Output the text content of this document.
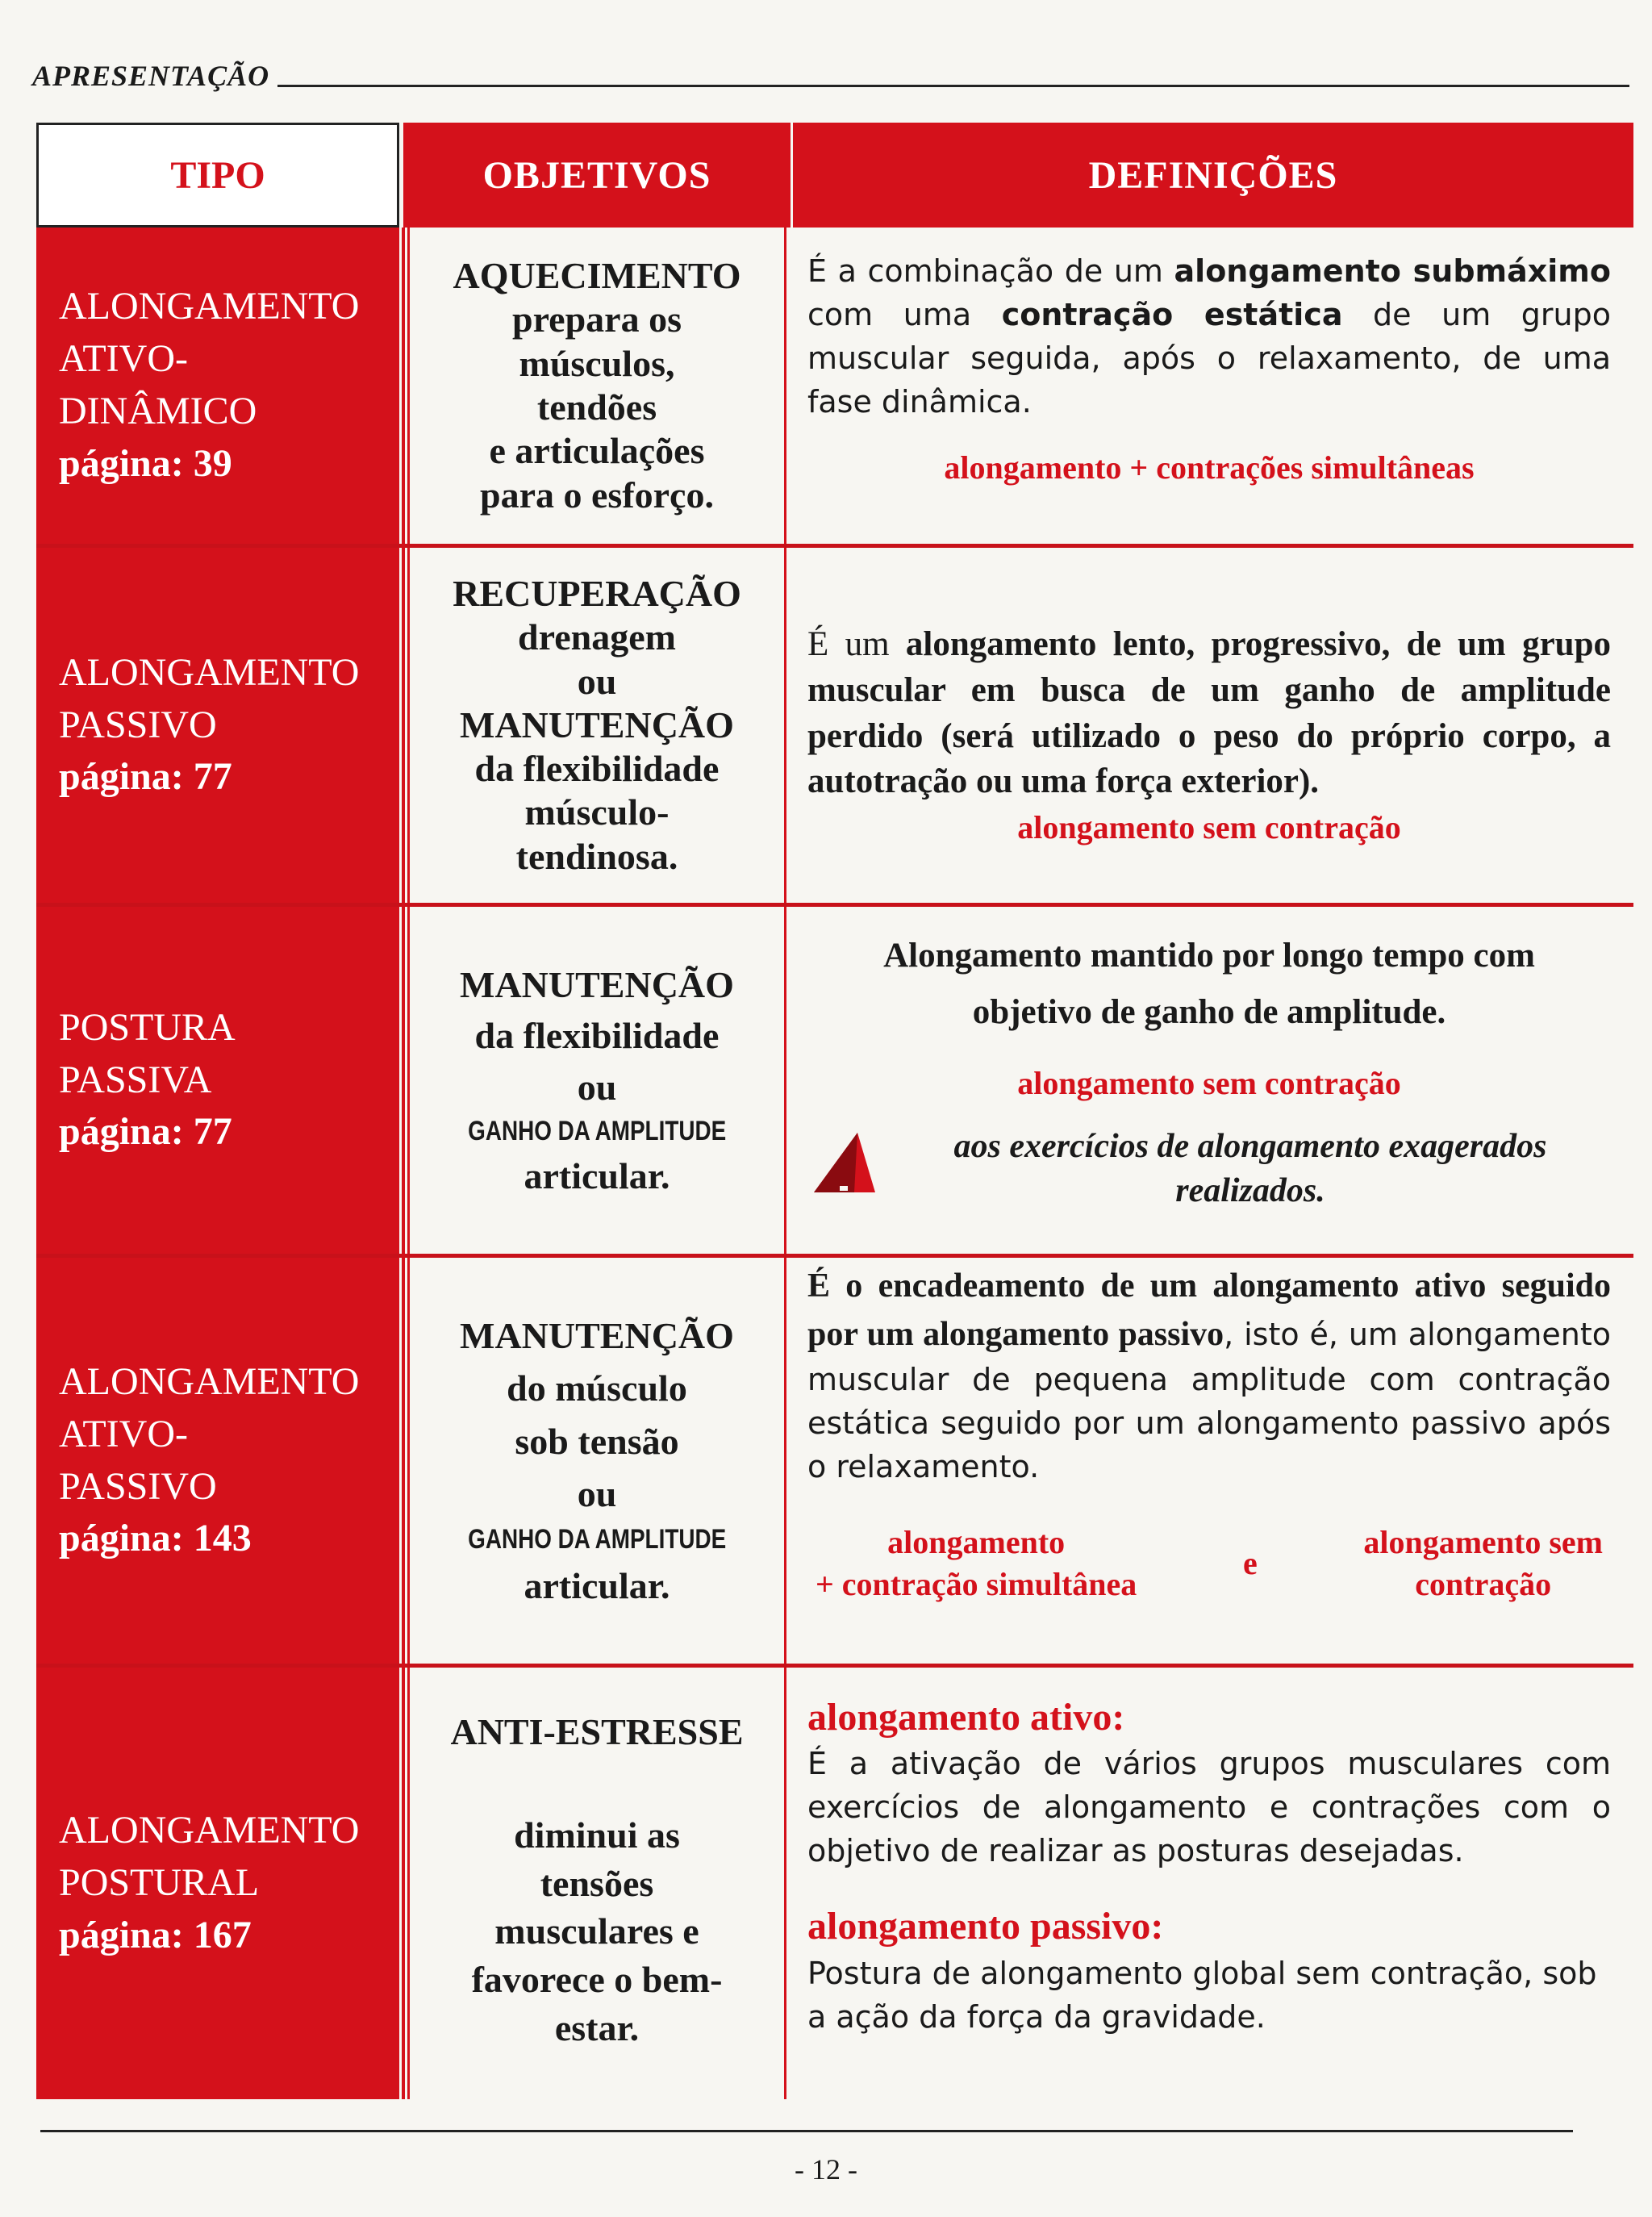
APRESENTAÇÃO
TIPO	OBJETIVOS	DEFINIÇÕES
ALONGAMENTO
ATIVO-
DINÂMICO
página: 39
AQUECIMENTO
prepara os
músculos,
tendões
e articulações
para o esforço.
É a combinação de um alongamento submáximo com uma contração estática de um grupo muscular seguida, após o relaxamento, de uma fase dinâmica.
alongamento + contrações simultâneas
ALONGAMENTO
PASSIVO
página: 77
RECUPERAÇÃO
drenagem
ou
MANUTENÇÃO
da flexibilidade
músculo-
tendinosa.
É um alongamento lento, progressivo, de um grupo muscular em busca de um ganho de amplitude perdido (será utilizado o peso do próprio corpo, a autotração ou uma força exterior).
alongamento sem contração
POSTURA
PASSIVA
página: 77
MANUTENÇÃO
da flexibilidade
ou
GANHO DA AMPLITUDE
articular.
Alongamento mantido por longo tempo com objetivo de ganho de amplitude.
alongamento sem contração
aos exercícios de alongamento exagerados realizados.
ALONGAMENTO
ATIVO-
PASSIVO
página: 143
MANUTENÇÃO
do músculo
sob tensão
ou
GANHO DA AMPLITUDE
articular.
É o encadeamento de um alongamento ativo seguido por um alongamento passivo, isto é, um alongamento muscular de pequena amplitude com contração estática seguido por um alongamento passivo após o relaxamento.
alongamento
+ contração simultânea
e
alongamento sem
contração
ALONGAMENTO
POSTURAL
página: 167
ANTI-ESTRESSE
diminui as
tensões
musculares e
favorece o bem-
estar.
alongamento ativo:
É a ativação de vários grupos musculares com exercícios de alongamento e contrações com o objetivo de realizar as posturas desejadas.
alongamento passivo:
Postura de alongamento global sem contração, sob a ação da força da gravidade.
- 12 -
